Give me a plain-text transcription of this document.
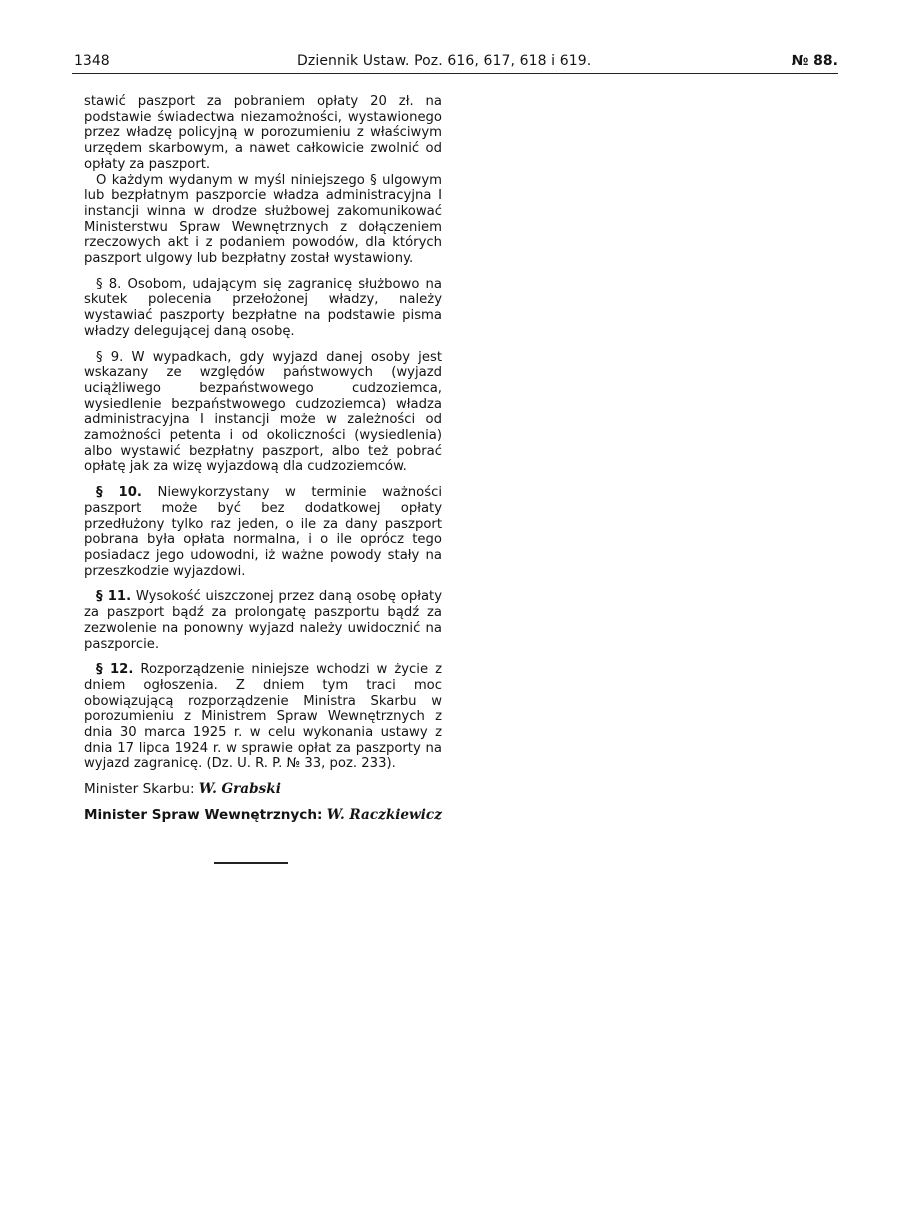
1348	Dziennik Ustaw. Poz. 616, 617, 618 i 619.	№ 88.

stawić paszport za pobraniem opłaty 20 zł. na podstawie świadectwa niezamożności, wystawionego przez władzę policyjną w porozumieniu z właściwym urzędem skarbowym, a nawet całkowicie zwolnić od opłaty za paszport.

O każdym wydanym w myśl niniejszego § ulgowym lub bezpłatnym paszporcie władza administracyjna I instancji winna w drodze służbowej zakomunikować Ministerstwu Spraw Wewnętrznych z dołączeniem rzeczowych akt i z podaniem powodów, dla których paszport ulgowy lub bezpłatny został wystawiony.

§ 8. Osobom, udającym się zagranicę służbowo na skutek polecenia przełożonej władzy, należy wystawiać paszporty bezpłatne na podstawie pisma władzy delegującej daną osobę.

§ 9. W wypadkach, gdy wyjazd danej osoby jest wskazany ze względów państwowych (wyjazd uciążliwego bezpaństwowego cudzoziemca, wysiedlenie bezpaństwowego cudzoziemca) władza administracyjna I instancji może w zależności od zamożności petenta i od okoliczności (wysiedlenia) albo wystawić bezpłatny paszport, albo też pobrać opłatę jak za wizę wyjazdową dla cudzoziemców.

§ 10. Niewykorzystany w terminie ważności paszport może być bez dodatkowej opłaty przedłużony tylko raz jeden, o ile za dany paszport pobrana była opłata normalna, i o ile oprócz tego posiadacz jego udowodni, iż ważne powody stały na przeszkodzie wyjazdowi.

§ 11. Wysokość uiszczonej przez daną osobę opłaty za paszport bądź za prolongatę paszportu bądź za zezwolenie na ponowny wyjazd należy uwidocznić na paszporcie.

§ 12. Rozporządzenie niniejsze wchodzi w życie z dniem ogłoszenia. Z dniem tym traci moc obowiązującą rozporządzenie Ministra Skarbu w porozumieniu z Ministrem Spraw Wewnętrznych z dnia 30 marca 1925 r. w celu wykonania ustawy z dnia 17 lipca 1924 r. w sprawie opłat za paszporty na wyjazd zagranicę. (Dz. U. R. P. № 33, poz. 233).

Minister Skarbu: W. Grabski
Minister Spraw Wewnętrznych: W. Raczkiewicz
